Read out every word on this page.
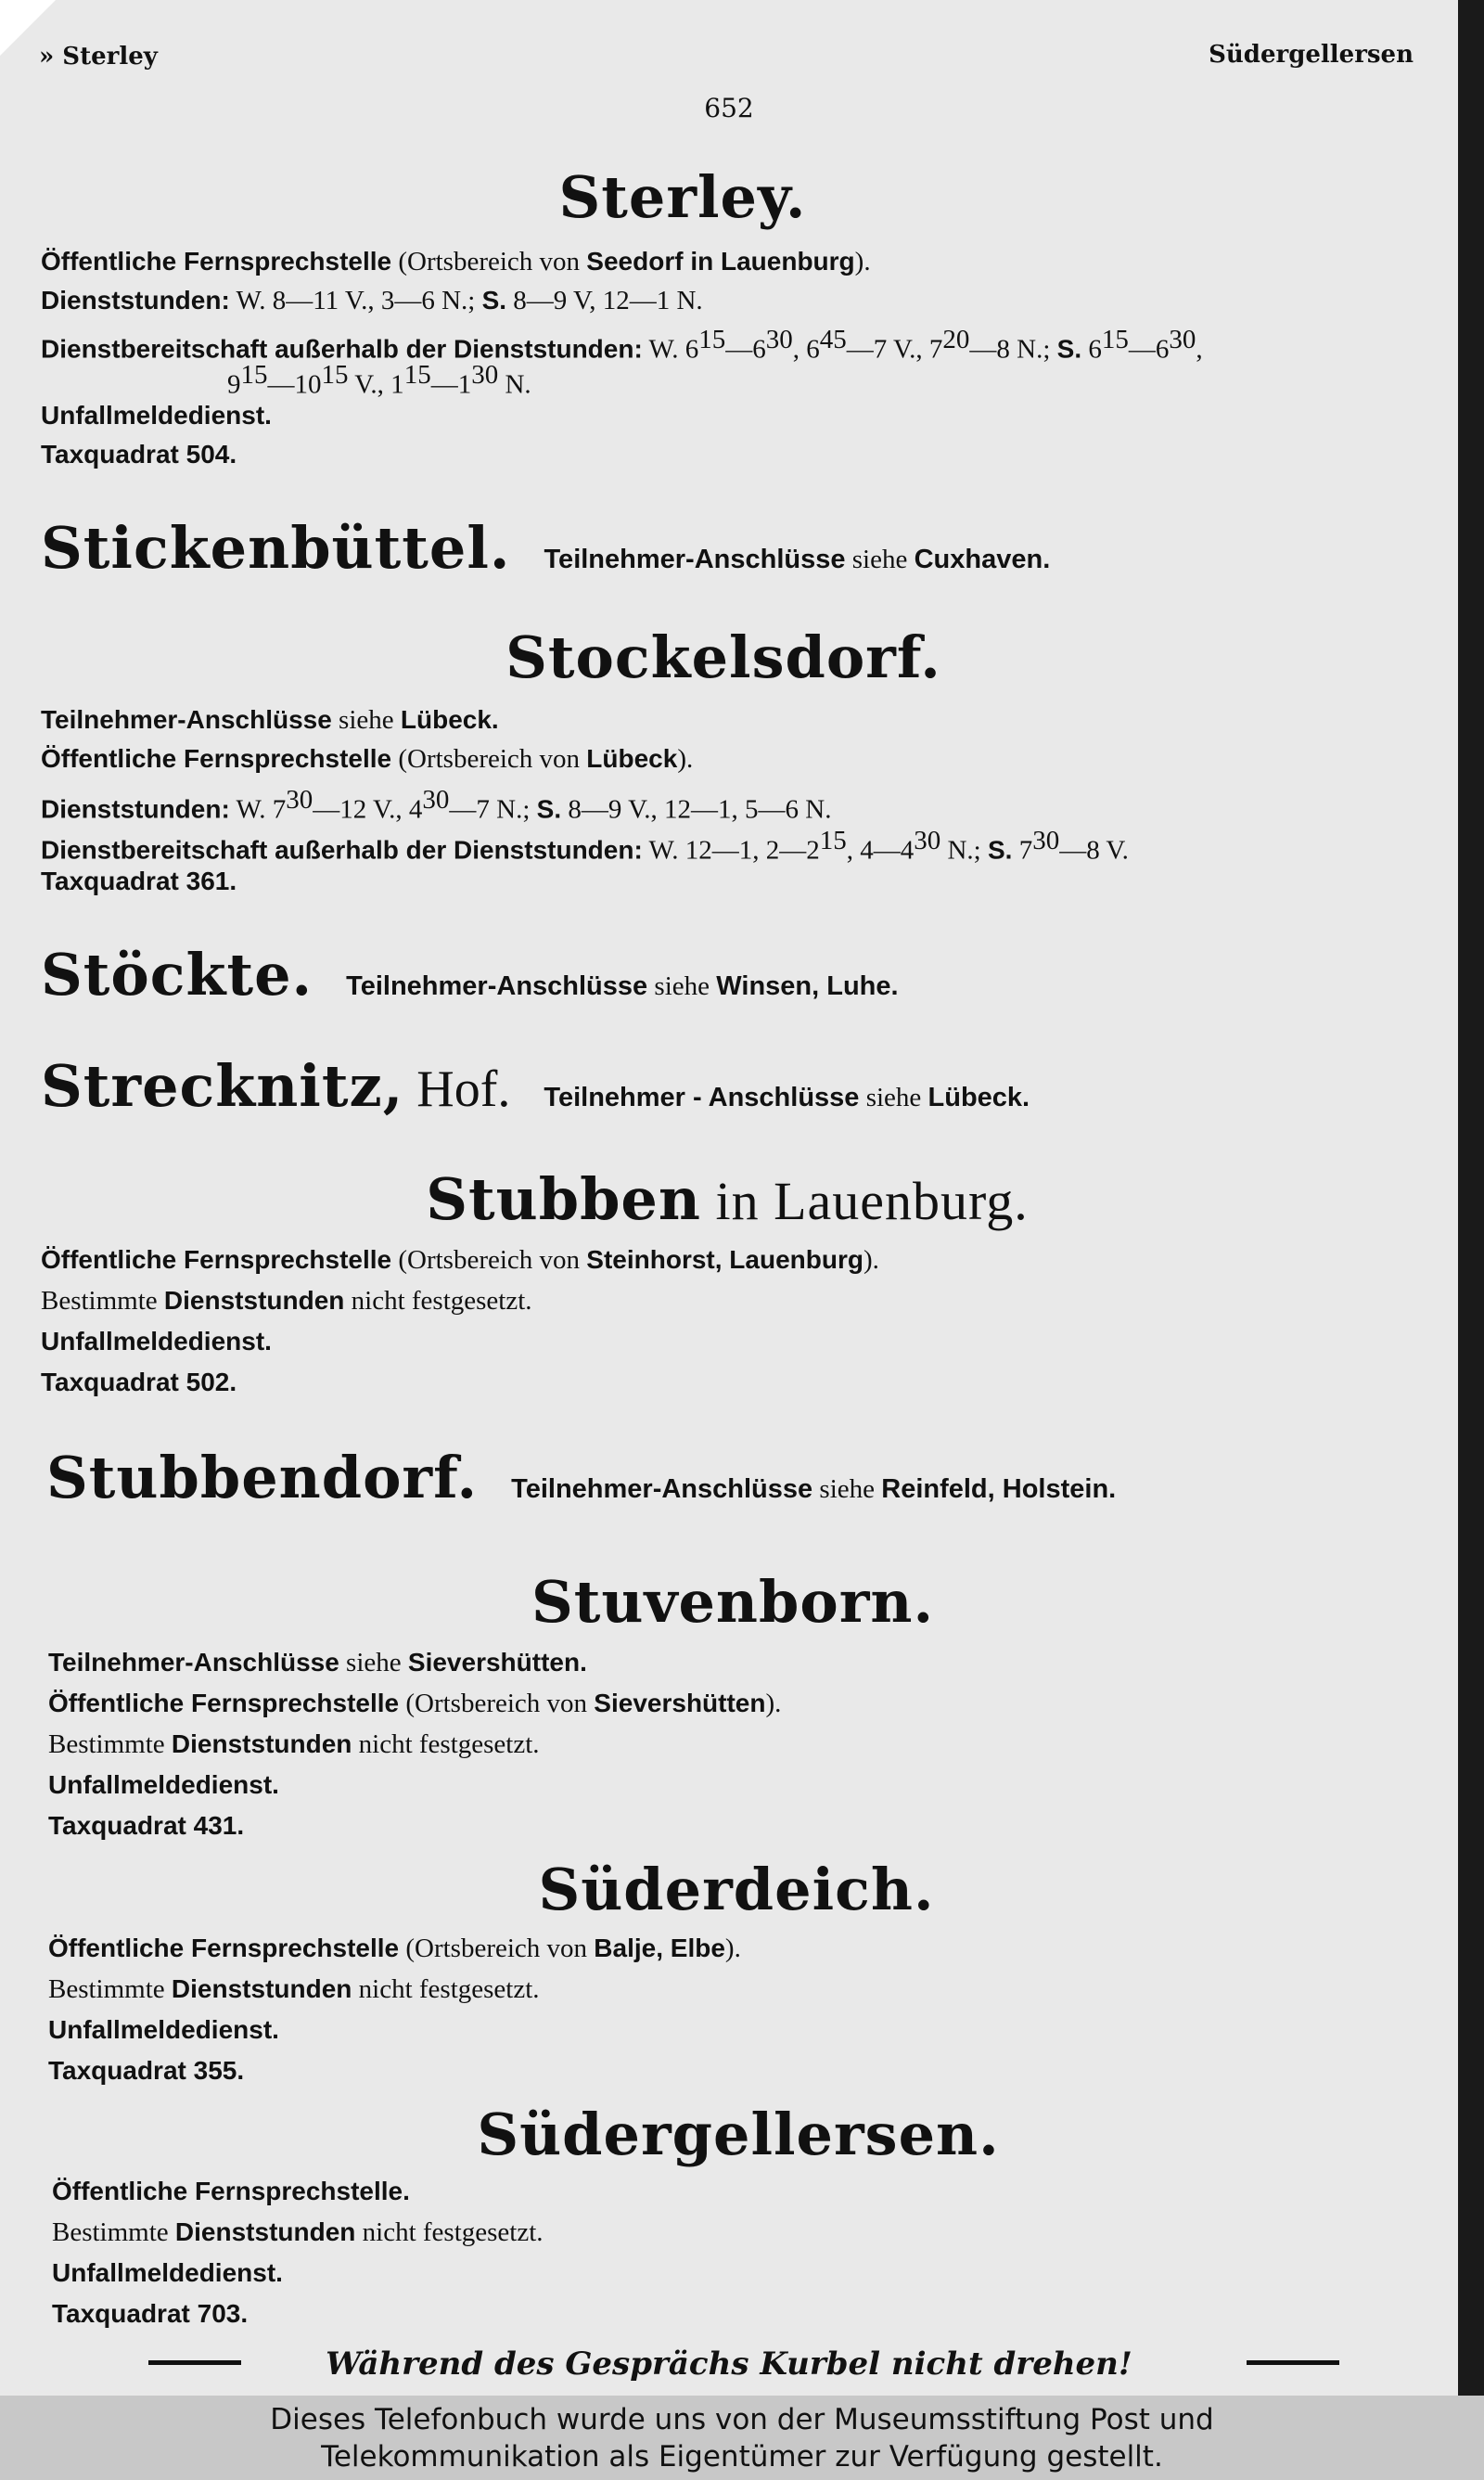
» Sterley	Südergellersen
652
Sterley.
Öffentliche Fernsprechstelle (Ortsbereich von Seedorf in Lauenburg).
Dienststunden: W. 8—11 V., 3—6 N.; S. 8—9 V, 12—1 N.
Dienstbereitschaft außerhalb der Dienststunden: W. $6^{15}—6^{30}$, $6^{45}—7$ V., $7^{20}—8$ N.; S. $6^{15}—6^{30}$,
$9^{15}—10^{15}$ V., $1^{15}—1^{30}$ N.
Unfallmeldedienst.
Taxquadrat 504.
Stickenbüttel. Teilnehmer-Anschlüsse siehe Cuxhaven.
Stockelsdorf.
Teilnehmer-Anschlüsse siehe Lübeck.
Öffentliche Fernsprechstelle (Ortsbereich von Lübeck).
Dienststunden: W. $7^{30}—12$ V., $4^{30}—7$ N.; S. 8—9 V., 12—1, 5—6 N.
Dienstbereitschaft außerhalb der Dienststunden: W. 12—1, $2—2^{15}$, $4—4^{30}$ N.; S. $7^{30}—8$ V.
Taxquadrat 361.
Stöckte. Teilnehmer-Anschlüsse siehe Winsen, Luhe.
Strecknitz, Hof. Teilnehmer - Anschlüsse siehe Lübeck.
Stubben in Lauenburg.
Öffentliche Fernsprechstelle (Ortsbereich von Steinhorst, Lauenburg).
Bestimmte Dienststunden nicht festgesetzt.
Unfallmeldedienst.
Taxquadrat 502.
Stubbendorf. Teilnehmer-Anschlüsse siehe Reinfeld, Holstein.
Stuvenborn.
Teilnehmer-Anschlüsse siehe Sievershütten.
Öffentliche Fernsprechstelle (Ortsbereich von Sievershütten).
Bestimmte Dienststunden nicht festgesetzt.
Unfallmeldedienst.
Taxquadrat 431.
Süderdeich.
Öffentliche Fernsprechstelle (Ortsbereich von Balje, Elbe).
Bestimmte Dienststunden nicht festgesetzt.
Unfallmeldedienst.
Taxquadrat 355.
Südergellersen.
Öffentliche Fernsprechstelle.
Bestimmte Dienststunden nicht festgesetzt.
Unfallmeldedienst.
Taxquadrat 703.
Während des Gesprächs Kurbel nicht drehen!
Dieses Telefonbuch wurde uns von der Museumsstiftung Post und
Telekommunikation als Eigentümer zur Verfügung gestellt.
